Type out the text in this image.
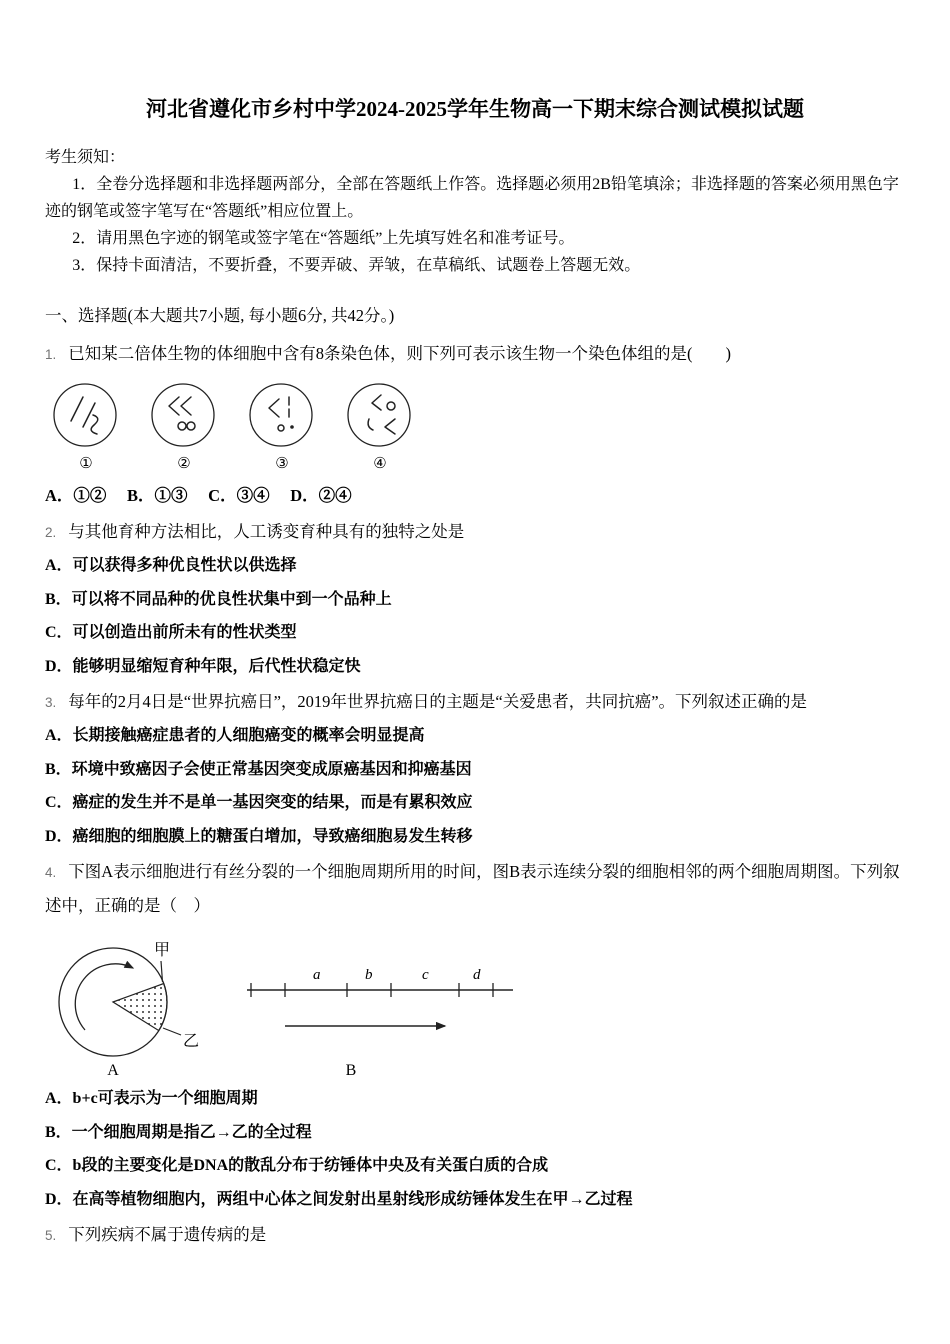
河北省遵化市乡村中学2024-2025学年生物高一下期末综合测试模拟试题
考生须知：

1．全卷分选择题和非选择题两部分，全部在答题纸上作答。选择题必须用2B铅笔填涂；非选择题的答案必须用黑色字迹的钢笔或签字笔写在“答题纸”相应位置上。

2．请用黑色字迹的钢笔或签字笔在“答题纸”上先填写姓名和准考证号。

3．保持卡面清洁，不要折叠，不要弄破、弄皱，在草稿纸、试题卷上答题无效。

一、选择题(本大题共7小题, 每小题6分, 共42分。)

1. 已知某二倍体生物的体细胞中含有8条染色体，则下列可表示该生物一个染色体组的是(　　)

①	②	③	④
A．①②　 B．①③　 C．③④　 D．②④

2. 与其他育种方法相比，人工诱变育种具有的独特之处是

A．可以获得多种优良性状以供选择
B．可以将不同品种的优良性状集中到一个品种上
C．可以创造出前所未有的性状类型
D．能够明显缩短育种年限，后代性状稳定快

3. 每年的2月4日是“世界抗癌日”，2019年世界抗癌日的主题是“关爱患者，共同抗癌”。下列叙述正确的是

A．长期接触癌症患者的人细胞癌变的概率会明显提高
B．环境中致癌因子会使正常基因突变成原癌基因和抑癌基因
C．癌症的发生并不是单一基因突变的结果，而是有累积效应
D．癌细胞的细胞膜上的糖蛋白增加，导致癌细胞易发生转移

4. 下图A表示细胞进行有丝分裂的一个细胞周期所用的时间，图B表示连续分裂的细胞相邻的两个细胞周期图。下列叙述中，正确的是（　）

甲
乙
A
a	b	c	d
B
A．b+c可表示为一个细胞周期
B．一个细胞周期是指乙→乙的全过程
C．b段的主要变化是DNA的散乱分布于纺锤体中央及有关蛋白质的合成
D．在高等植物细胞内，两组中心体之间发射出星射线形成纺锤体发生在甲→乙过程

5. 下列疾病不属于遗传病的是
